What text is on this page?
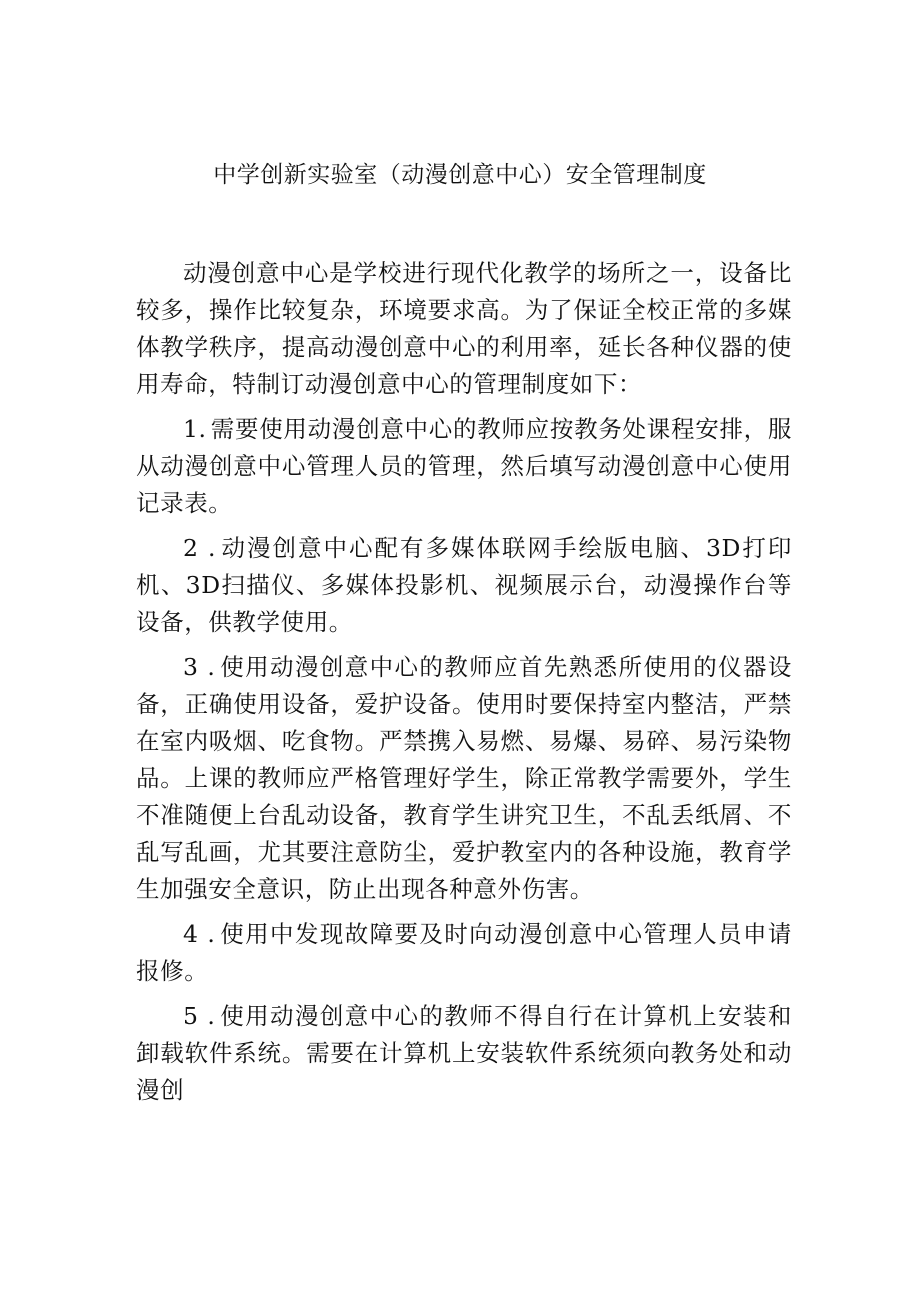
中学创新实验室（动漫创意中心）安全管理制度

动漫创意中心是学校进行现代化教学的场所之一，设备比较多，操作比较复杂，环境要求高。为了保证全校正常的多媒体教学秩序，提高动漫创意中心的利用率，延长各种仪器的使用寿命，特制订动漫创意中心的管理制度如下：

1. 需要使用动漫创意中心的教师应按教务处课程安排，服从动漫创意中心管理人员的管理，然后填写动漫创意中心使用记录表。

2 . 动漫创意中心配有多媒体联网手绘版电脑、3D打印机、3D扫描仪、多媒体投影机、视频展示台，动漫操作台等设备，供教学使用。

3 . 使用动漫创意中心的教师应首先熟悉所使用的仪器设备，正确使用设备，爱护设备。使用时要保持室内整洁，严禁在室内吸烟、吃食物。严禁携入易燃、易爆、易碎、易污染物品。上课的教师应严格管理好学生，除正常教学需要外，学生不准随便上台乱动设备，教育学生讲究卫生，不乱丢纸屑、不乱写乱画，尤其要注意防尘，爱护教室内的各种设施，教育学生加强安全意识，防止出现各种意外伤害。

4 . 使用中发现故障要及时向动漫创意中心管理人员申请报修。

5 . 使用动漫创意中心的教师不得自行在计算机上安装和卸载软件系统。需要在计算机上安装软件系统须向教务处和动漫创
